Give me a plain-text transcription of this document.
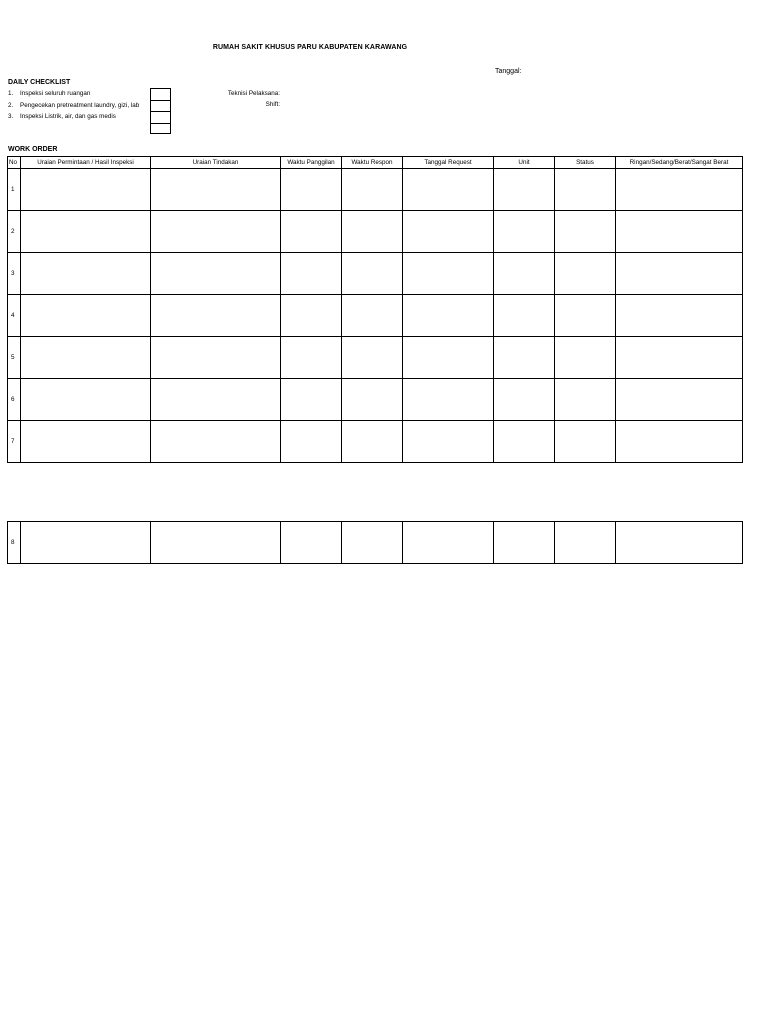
RUMAH SAKIT KHUSUS PARU KABUPATEN KARAWANG
Tanggal:
DAILY CHECKLIST
1. Inspeksi seluruh ruangan
2. Pengecekan pretreatment laundry, gizi, lab
3. Inspeksi Listrik, air, dan gas medis
Teknisi Pelaksana:
Shift:
WORK ORDER
No	Uraian Permintaan / Hasil Inspeksi	Uraian Tindakan	Waktu Panggilan	Waktu Respon	Tanggal Request	Unit	Status	Ringan/Sedang/Berat/Sangat Berat
1								
2								
3								
4								
5								
6								
7								
8								
